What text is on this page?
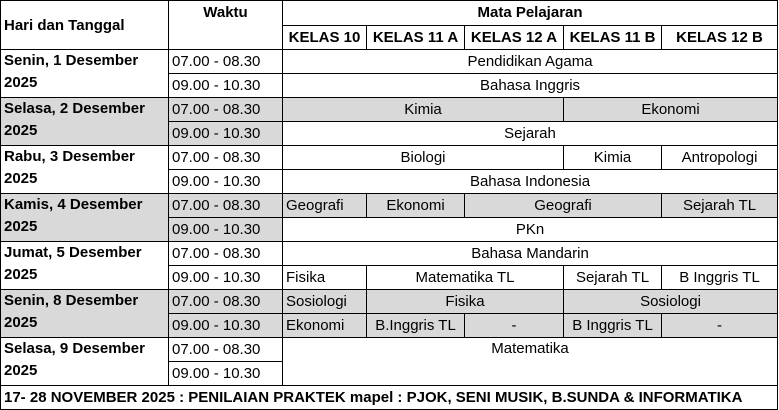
Hari dan Tanggal	Waktu	Mata Pelajaran				
		KELAS 10	KELAS 11 A	KELAS 12 A	KELAS 11 B	KELAS 12 B

Senin, 1 Desember
2025	07.00 - 08.30	Pendidikan Agama				
	09.00 - 10.30	Bahasa Inggris				

Selasa, 2 Desember
2025	07.00 - 08.30	Kimia			Ekonomi	
	09.00 - 10.30	Sejarah				

Rabu, 3 Desember
2025	07.00 - 08.30	Biologi			Kimia	Antropologi
	09.00 - 10.30	Bahasa Indonesia				

Kamis, 4 Desember
2025	07.00 - 08.30	Geografi	Ekonomi	Geografi		Sejarah TL
	09.00 - 10.30	PKn				

Jumat, 5 Desember
2025	07.00 - 08.30	Bahasa Mandarin				
	09.00 - 10.30	Fisika	Matematika TL		Sejarah TL	B Inggris TL

Senin, 8 Desember
2025	07.00 - 08.30	Sosiologi	Fisika		Sosiologi	
	09.00 - 10.30	Ekonomi	B.Inggris TL	-	B Inggris TL	-

Selasa, 9 Desember
2025	07.00 - 08.30	Matematika				
	09.00 - 10.30					
17- 28 NOVEMBER 2025 : PENILAIAN PRAKTEK mapel : PJOK, SENI MUSIK, B.SUNDA & INFORMATIKA						
